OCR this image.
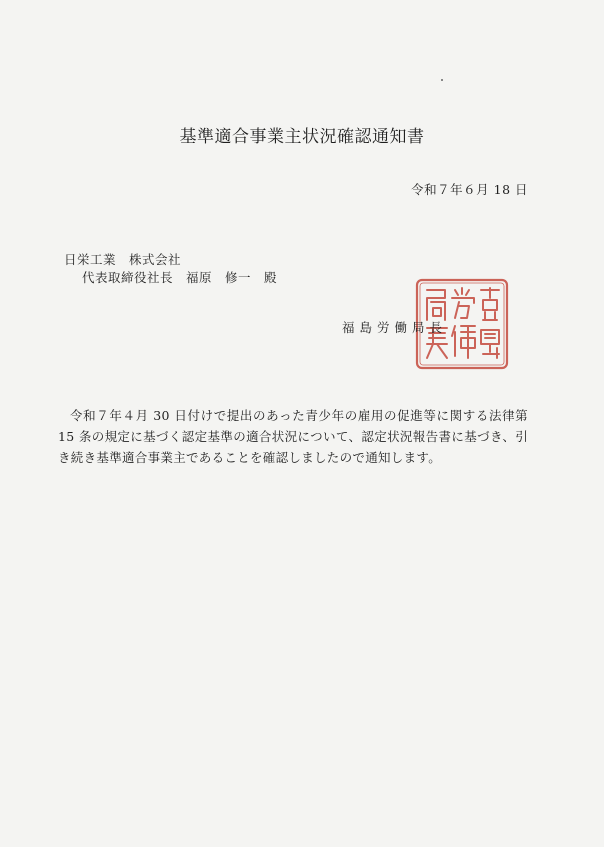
基準適合事業主状況確認通知書
令和７年６月 18 日
日栄工業　株式会社
代表取締役社長　福原　修一　殿
福島労働局長
令和７年４月 30 日付けで提出のあった青少年の雇用の促進等に関する法律第 15 条の規定に基づく認定基準の適合状況について、認定状況報告書に基づき、引き続き基準適合事業主であることを確認しましたので通知します。
